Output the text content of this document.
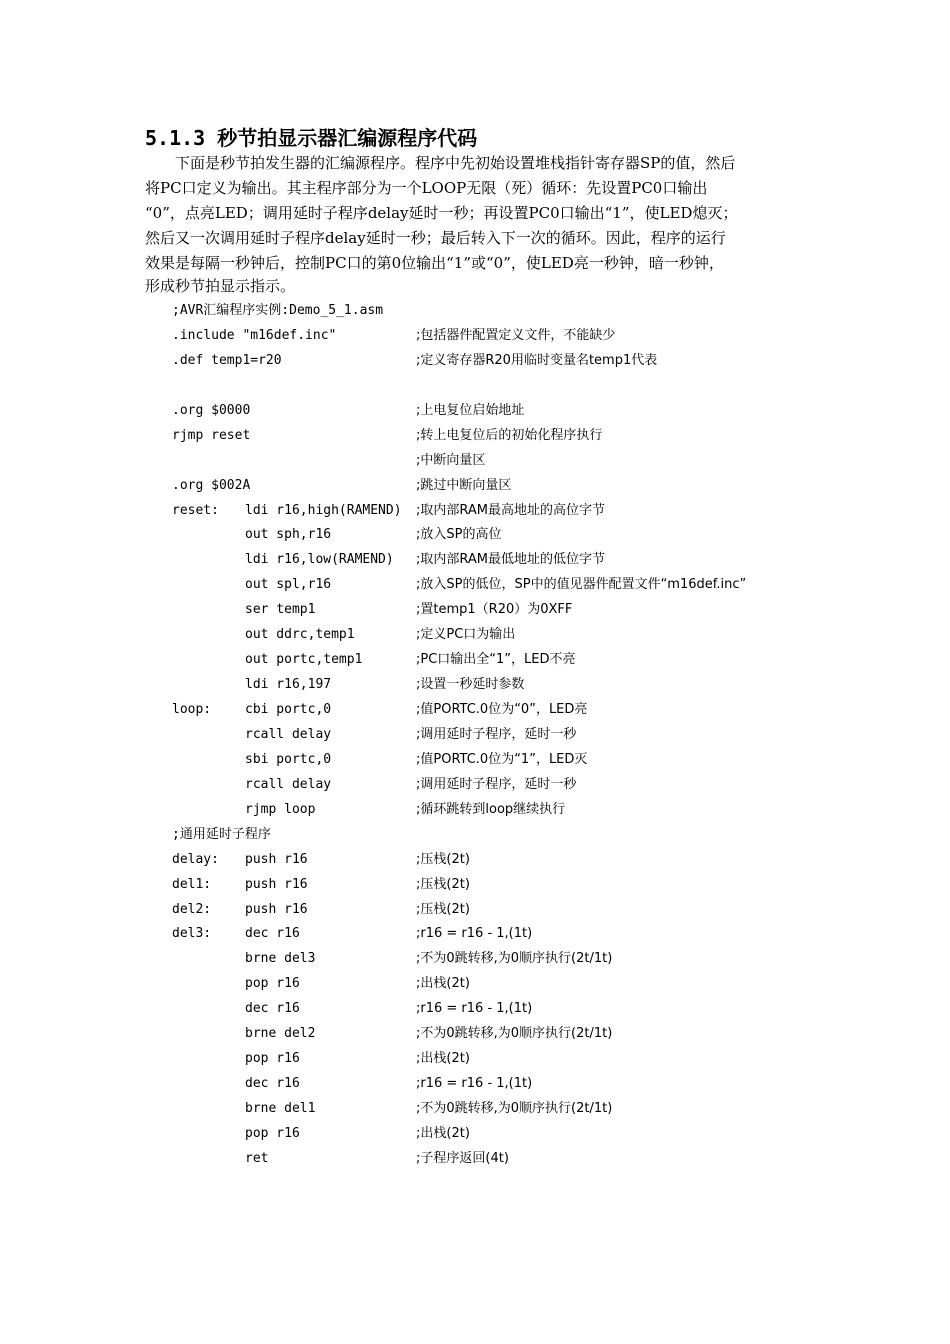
5.1.3 秒节拍显示器汇编源程序代码
　　下面是秒节拍发生器的汇编源程序。程序中先初始设置堆栈指针寄存器SP的值，然后
将PC口定义为输出。其主程序部分为一个LOOP无限（死）循环：先设置PC0口输出
“0”，点亮LED；调用延时子程序delay延时一秒；再设置PC0口输出“1”，使LED熄灭；
然后又一次调用延时子程序delay延时一秒；最后转入下一次的循环。因此，程序的运行
效果是每隔一秒钟后，控制PC口的第0位输出“1”或“0”，使LED亮一秒钟，暗一秒钟，
形成秒节拍显示指示。
;AVR汇编程序实例:Demo_5_1.asm
.include "m16def.inc"	;包括器件配置定义文件，不能缺少
.def temp1=r20	;定义寄存器R20用临时变量名temp1代表
.org $0000	;上电复位启始地址
rjmp reset	;转上电复位后的初始化程序执行
;中断向量区
.org $002A	;跳过中断向量区
reset: ldi r16,high(RAMEND) ;取内部RAM最高地址的高位字节
out sph,r16	;放入SP的高位
ldi r16,low(RAMEND) ;取内部RAM最低地址的低位字节
out spl,r16	;放入SP的低位，SP中的值见器件配置文件“m16def.inc”
ser temp1	;置temp1（R20）为0XFF
out ddrc,temp1	;定义PC口为输出
out portc,temp1	;PC口输出全“1”，LED不亮
ldi r16,197	;设置一秒延时参数
loop:	cbi portc,0	;值PORTC.0位为“0”，LED亮
rcall delay	;调用延时子程序，延时一秒
sbi portc,0	;值PORTC.0位为“1”，LED灭
rcall delay	;调用延时子程序，延时一秒
rjmp loop	;循环跳转到loop继续执行
;通用延时子程序
delay: push r16	;压栈(2t)
del1:	push r16	;压栈(2t)
del2:	push r16	;压栈(2t)
del3:	dec r16	;r16 = r16 - 1,(1t)
brne del3	;不为0跳转移,为0顺序执行(2t/1t)
pop r16	;出栈(2t)
dec r16	;r16 = r16 - 1,(1t)
brne del2	;不为0跳转移,为0顺序执行(2t/1t)
pop r16	;出栈(2t)
dec r16	;r16 = r16 - 1,(1t)
brne del1	;不为0跳转移,为0顺序执行(2t/1t)
pop r16	;出栈(2t)
ret	;子程序返回(4t)
